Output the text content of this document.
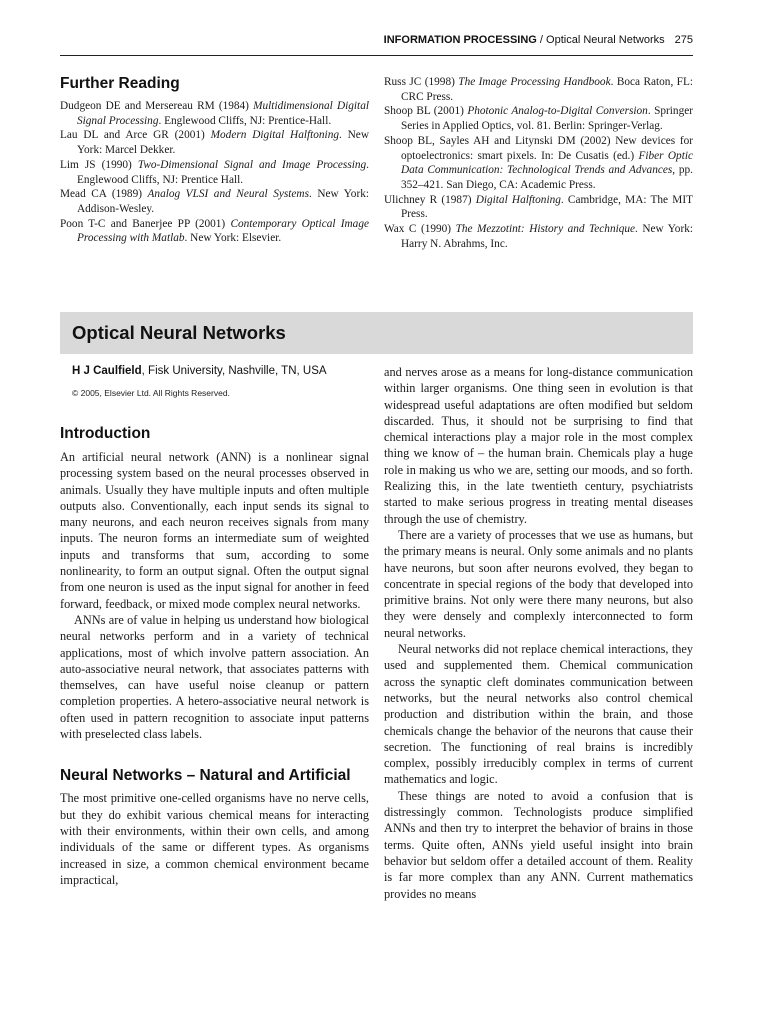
INFORMATION PROCESSING / Optical Neural Networks 275
Further Reading
Dudgeon DE and Mersereau RM (1984) Multidimensional Digital Signal Processing. Englewood Cliffs, NJ: Prentice-Hall.
Lau DL and Arce GR (2001) Modern Digital Halftoning. New York: Marcel Dekker.
Lim JS (1990) Two-Dimensional Signal and Image Processing. Englewood Cliffs, NJ: Prentice Hall.
Mead CA (1989) Analog VLSI and Neural Systems. New York: Addison-Wesley.
Poon T-C and Banerjee PP (2001) Contemporary Optical Image Processing with Matlab. New York: Elsevier.
Russ JC (1998) The Image Processing Handbook. Boca Raton, FL: CRC Press.
Shoop BL (2001) Photonic Analog-to-Digital Conversion. Springer Series in Applied Optics, vol. 81. Berlin: Springer-Verlag.
Shoop BL, Sayles AH and Litynski DM (2002) New devices for optoelectronics: smart pixels. In: De Cusatis (ed.) Fiber Optic Data Communication: Technological Trends and Advances, pp. 352–421. San Diego, CA: Academic Press.
Ulichney R (1987) Digital Halftoning. Cambridge, MA: The MIT Press.
Wax C (1990) The Mezzotint: History and Technique. New York: Harry N. Abrahms, Inc.
Optical Neural Networks
H J Caulfield, Fisk University, Nashville, TN, USA
© 2005, Elsevier Ltd. All Rights Reserved.
Introduction

An artificial neural network (ANN) is a nonlinear signal processing system based on the neural processes observed in animals. Usually they have multiple inputs and often multiple outputs also. Conventionally, each input sends its signal to many neurons, and each neuron receives signals from many inputs. The neuron forms an intermediate sum of weighted inputs and transforms that sum, according to some nonlinearity, to form an output signal. Often the output signal from one neuron is used as the input signal for another in feed forward, feedback, or mixed mode complex neural networks.

ANNs are of value in helping us understand how biological neural networks perform and in a variety of technical applications, most of which involve pattern association. An auto-associative neural network, that associates patterns with themselves, can have useful noise cleanup or pattern completion properties. A hetero-associative neural network is often used in pattern recognition to associate input patterns with preselected class labels.

Neural Networks – Natural and Artificial

The most primitive one-celled organisms have no nerve cells, but they do exhibit various chemical means for interacting with their environments, within their own cells, and among individuals of the same or different types. As organisms increased in size, a common chemical environment became impractical,

and nerves arose as a means for long-distance communication within larger organisms. One thing seen in evolution is that widespread useful adaptations are often modified but seldom discarded. Thus, it should not be surprising to find that chemical interactions play a major role in the most complex thing we know of – the human brain. Chemicals play a huge role in making us who we are, setting our moods, and so forth. Realizing this, in the late twentieth century, psychiatrists started to make serious progress in treating mental diseases through the use of chemistry.

There are a variety of processes that we use as humans, but the primary means is neural. Only some animals and no plants have neurons, but soon after neurons evolved, they began to concentrate in special regions of the body that developed into primitive brains. Not only were there many neurons, but also they were densely and complexly interconnected to form neural networks.

Neural networks did not replace chemical interactions, they used and supplemented them. Chemical communication across the synaptic cleft dominates communication between networks, but the neural networks also control chemical production and distribution within the brain, and those chemicals change the behavior of the neurons that cause their secretion. The functioning of real brains is incredibly complex, possibly irreducibly complex in terms of current mathematics and logic.

These things are noted to avoid a confusion that is distressingly common. Technologists produce simplified ANNs and then try to interpret the behavior of brains in those terms. Quite often, ANNs yield useful insight into brain behavior but seldom offer a detailed account of them. Reality is far more complex than any ANN. Current mathematics provides no means
